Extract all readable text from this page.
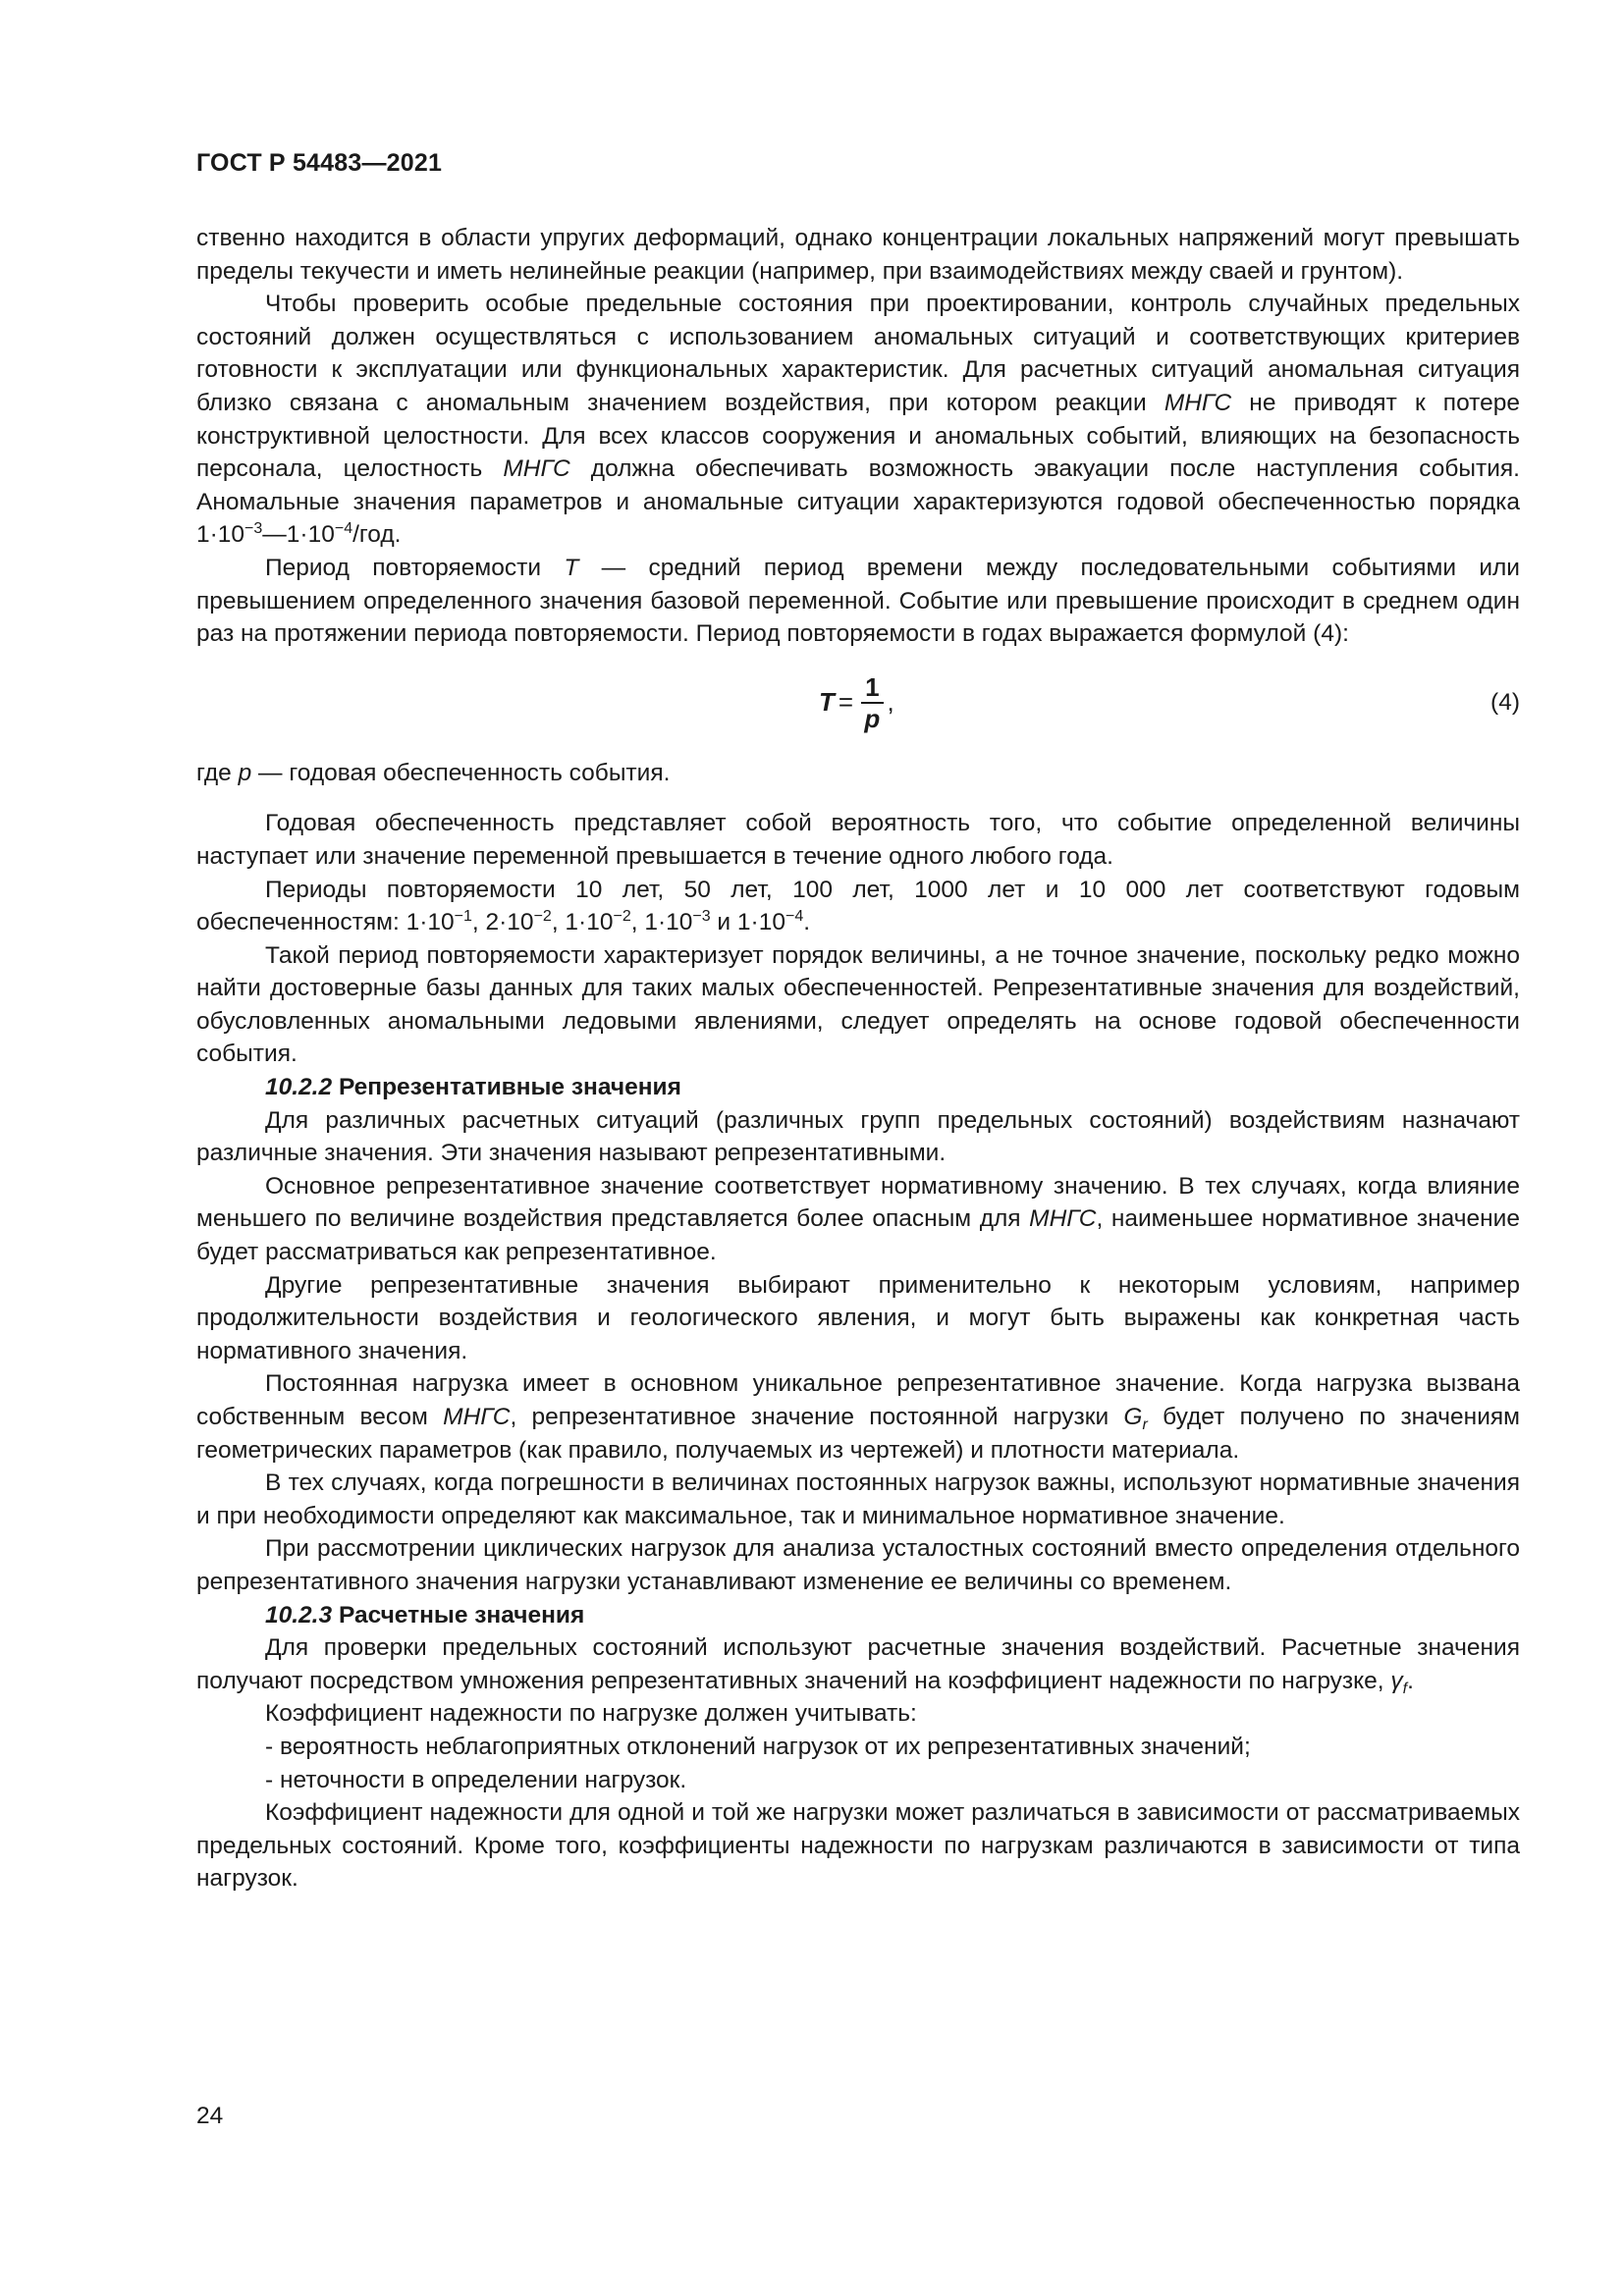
ГОСТ Р 54483—2021

ственно находится в области упругих деформаций, однако концентрации локальных напряжений могут превышать пределы текучести и иметь нелинейные реакции (например, при взаимодействиях между сваей и грунтом).

Чтобы проверить особые предельные состояния при проектировании, контроль случайных предельных состояний должен осуществляться с использованием аномальных ситуаций и соответствующих критериев готовности к эксплуатации или функциональных характеристик. Для расчетных ситуаций аномальная ситуация близко связана с аномальным значением воздействия, при котором реакции МНГС не приводят к потере конструктивной целостности. Для всех классов сооружения и аномальных событий, влияющих на безопасность персонала, целостность МНГС должна обеспечивать возможность эвакуации после наступления события. Аномальные значения параметров и аномальные ситуации характеризуются годовой обеспеченностью порядка $1\cdot 10^{-3}—1\cdot 10^{-4}$/год.

Период повторяемости T — средний период времени между последовательными событиями или превышением определенного значения базовой переменной. Событие или превышение происходит в среднем один раз на протяжении периода повторяемости. Период повторяемости в годах выражается формулой (4):

$T = \frac{1}{p}$ ,	(4)

где p — годовая обеспеченность события.

Годовая обеспеченность представляет собой вероятность того, что событие определенной величины наступает или значение переменной превышается в течение одного любого года.

Периоды повторяемости 10 лет, 50 лет, 100 лет, 1000 лет и 10 000 лет соответствуют годовым обеспеченностям: $1\cdot 10^{-1}$, $2\cdot 10^{-2}$, $1\cdot 10^{-2}$, $1\cdot 10^{-3}$ и $1\cdot 10^{-4}$.

Такой период повторяемости характеризует порядок величины, а не точное значение, поскольку редко можно найти достоверные базы данных для таких малых обеспеченностей. Репрезентативные значения для воздействий, обусловленных аномальными ледовыми явлениями, следует определять на основе годовой обеспеченности события.

10.2.2 Репрезентативные значения

Для различных расчетных ситуаций (различных групп предельных состояний) воздействиям назначают различные значения. Эти значения называют репрезентативными.

Основное репрезентативное значение соответствует нормативному значению. В тех случаях, когда влияние меньшего по величине воздействия представляется более опасным для МНГС, наименьшее нормативное значение будет рассматриваться как репрезентативное.

Другие репрезентативные значения выбирают применительно к некоторым условиям, например продолжительности воздействия и геологического явления, и могут быть выражены как конкретная часть нормативного значения.

Постоянная нагрузка имеет в основном уникальное репрезентативное значение. Когда нагрузка вызвана собственным весом МНГС, репрезентативное значение постоянной нагрузки $G_r$ будет получено по значениям геометрических параметров (как правило, получаемых из чертежей) и плотности материала.

В тех случаях, когда погрешности в величинах постоянных нагрузок важны, используют нормативные значения и при необходимости определяют как максимальное, так и минимальное нормативное значение.

При рассмотрении циклических нагрузок для анализа усталостных состояний вместо определения отдельного репрезентативного значения нагрузки устанавливают изменение ее величины со временем.

10.2.3 Расчетные значения

Для проверки предельных состояний используют расчетные значения воздействий. Расчетные значения получают посредством умножения репрезентативных значений на коэффициент надежности по нагрузке, $\gamma_f$.

Коэффициент надежности по нагрузке должен учитывать:

- вероятность неблагоприятных отклонений нагрузок от их репрезентативных значений;

- неточности в определении нагрузок.

Коэффициент надежности для одной и той же нагрузки может различаться в зависимости от рассматриваемых предельных состояний. Кроме того, коэффициенты надежности по нагрузкам различаются в зависимости от типа нагрузок.

24
